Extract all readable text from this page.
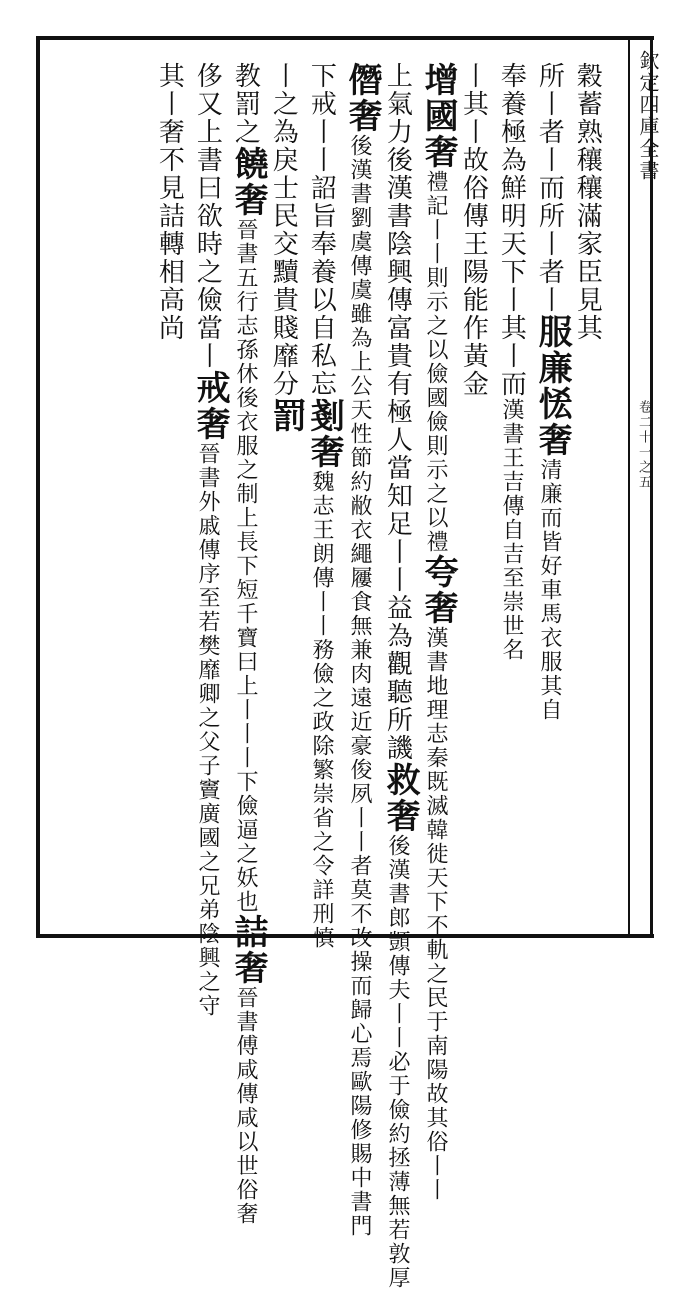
欽定四庫全書
卷二十一之五
穀蓄熟穰穰滿家臣見其
所丨者丨而所丨者丨
服廉恡奢
清廉而皆好車馬衣服其自
奉養極為鮮明天下丨其丨而
漢書王吉傳自吉至崇世名
丨其丨故俗傳王陽能作黃金
增國奢
禮記丨丨則示之以儉國儉則示之以禮
夸奢
漢書地理志秦既滅韓徙天下不軌之民于南陽故其俗丨丨
上氣力後漢書陰興傳富貴有極人當知足丨丨益為觀聽所譏
救奢
後漢書郎顗傳夫丨丨必于儉約拯薄無若敦厚
僭奢
後漢書劉虞傳虞雖為上公天性節約敝衣繩屨食無兼肉遠近豪俊夙丨丨者莫不改操而歸心焉歐陽修賜中書門
下戒丨丨詔旨奉養以自私忘
剗奢
魏志王朗傳丨丨務儉之政除繁崇省之令詳刑慎
丨之為戾士民交黷貴賤靡分
罰
教罰之
饒奢
晉書五行志孫休後衣服之制上長下短千寶曰上丨丨丨下儉逼之妖也
詰奢
晉書傅咸傳咸以世俗奢
侈又上書曰欲時之儉當丨
戒奢
晉書外戚傳序至若樊靡卿之父子竇廣國之兄弟陰興之守
其丨奢不見詰轉相高尚
